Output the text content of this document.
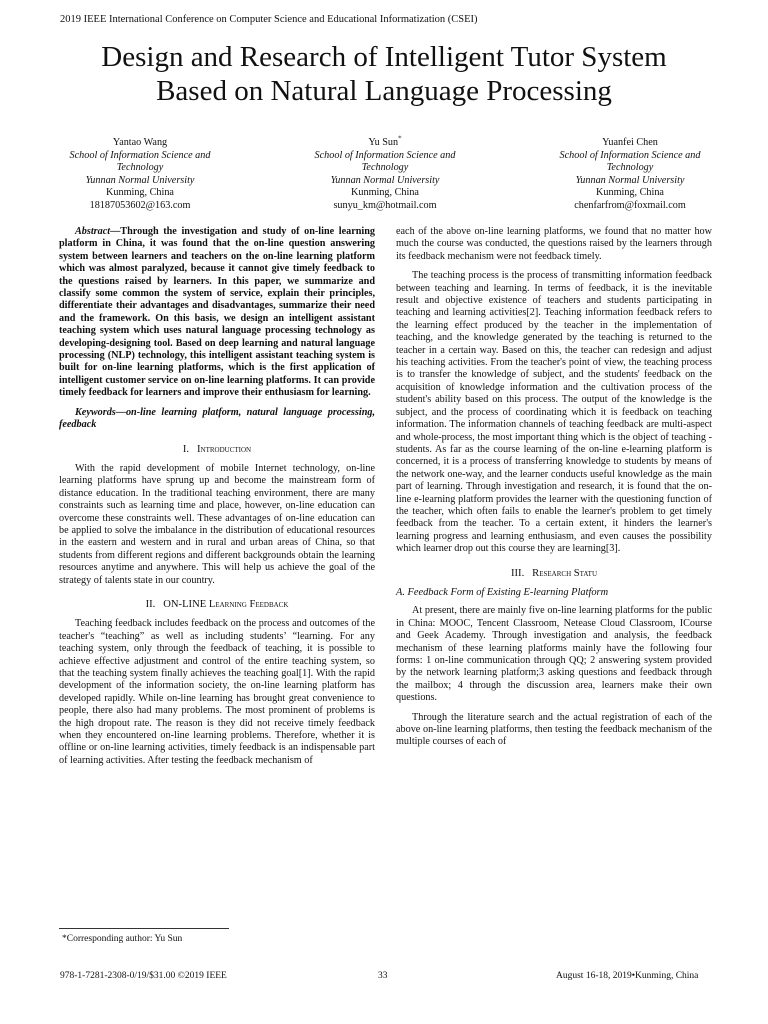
2019 IEEE International Conference on Computer Science and Educational Informatization (CSEI)
Design and Research of Intelligent Tutor System
Based on Natural Language Processing
Yantao Wang
School of Information Science and
Technology
Yunnan Normal University
Kunming, China
18187053602@163.com
Yu Sun*
School of Information Science and
Technology
Yunnan Normal University
Kunming, China
sunyu_km@hotmail.com
Yuanfei Chen
School of Information Science and
Technology
Yunnan Normal University
Kunming, China
chenfarfrom@foxmail.com

Abstract—Through the investigation and study of on-line learning platform in China, it was found that the on-line question answering system between learners and teachers on the on-line learning platform which was almost paralyzed, because it cannot give timely feedback to the questions raised by learners. In this paper, we summarize and classify some common the system of service, explain their principles, differentiate their advantages and disadvantages, summarize their need and the framework. On this basis, we design an intelligent assistant teaching system which uses natural language processing technology as developing-designing tool. Based on deep learning and natural language processing (NLP) technology, this intelligent assistant teaching system is built for on-line learning platforms, which is the first application of intelligent customer service on on-line learning platforms. It can provide timely feedback for learners and improve their enthusiasm for learning.

Keywords—on-line learning platform, natural language processing, feedback

I. Introduction

With the rapid development of mobile Internet technology, on-line learning platforms have sprung up and become the mainstream form of distance education. In the traditional teaching environment, there are many constraints such as learning time and place, however, on-line education can overcome these constraints well. These advantages of on-line education can be applied to solve the imbalance in the distribution of educational resources in the eastern and western and in rural and urban areas of China, so that students from different regions and different backgrounds obtain the learning resources anytime and anywhere. This will help us achieve the goal of the strategy of talents state in our country.

II. ON-LINE Learning Feedback

Teaching feedback includes feedback on the process and outcomes of the teacher's “teaching” as well as including students’ “learning. For any teaching system, only through the feedback of teaching, it is possible to achieve effective adjustment and control of the entire teaching system, so that the teaching system finally achieves the teaching goal[1]. With the rapid development of the information society, the on-line learning platform has developed rapidly. While on-line learning has brought great convenience to people, there also had many problems. The most prominent of problems is the high dropout rate. The reason is they did not receive timely feedback when they encountered on-line learning problems. Therefore, whether it is offline or on-line learning activities, timely feedback is an indispensable part of learning activities. After testing the feedback mechanism of

each of the above on-line learning platforms, we found that no matter how much the course was conducted, the questions raised by the learners through its feedback mechanism were not feedback timely.

The teaching process is the process of transmitting information feedback between teaching and learning. In terms of feedback, it is the inevitable result and objective existence of teachers and students participating in teaching and learning activities[2]. Teaching information feedback refers to the learning effect produced by the teacher in the implementation of teaching, and the knowledge generated by the teaching is returned to the teacher in a certain way. Based on this, the teacher can redesign and adjust his teaching activities. From the teacher's point of view, the teaching process is to transfer the knowledge of subject, and the students' feedback on the acquisition of knowledge information and the cultivation process of the student's ability based on this process. The output of the knowledge is the subject, and the process of coordinating which it is feedback on teaching information. The information channels of teaching feedback are multi-aspect and whole-process, the most important thing which is the object of teaching - students. As far as the course learning of the on-line e-learning platform is concerned, it is a process of transferring knowledge to students by means of the network one-way, and the learner conducts useful knowledge as the main part of learning. Through investigation and research, it is found that the on-line e-learning platform provides the learner with the questioning function of the teacher, which often fails to enable the learner's problem to get timely feedback from the teacher. To a certain extent, it hinders the learner's learning progress and learning enthusiasm, and even causes the possibility which learner drop out this course they are learning[3].

III. Research Statu
A. Feedback Form of Existing E-learning Platform

At present, there are mainly five on-line learning platforms for the public in China: MOOC, Tencent Classroom, Netease Cloud Classroom, ICourse and Geek Academy. Through investigation and analysis, the feedback mechanism of these learning platforms mainly have the following four forms: 1 on-line communication through QQ; 2 answering system provided by the network learning platform;3 asking questions and feedback through the mailbox; 4 through the discussion area, learners make their own questions.

Through the literature search and the actual registration of each of the above on-line learning platforms, then testing the feedback mechanism of the multiple courses of each of

*Corresponding author: Yu Sun
978-1-7281-2308-0/19/$31.00 ©2019 IEEE	33	August 16-18, 2019•Kunming, China
